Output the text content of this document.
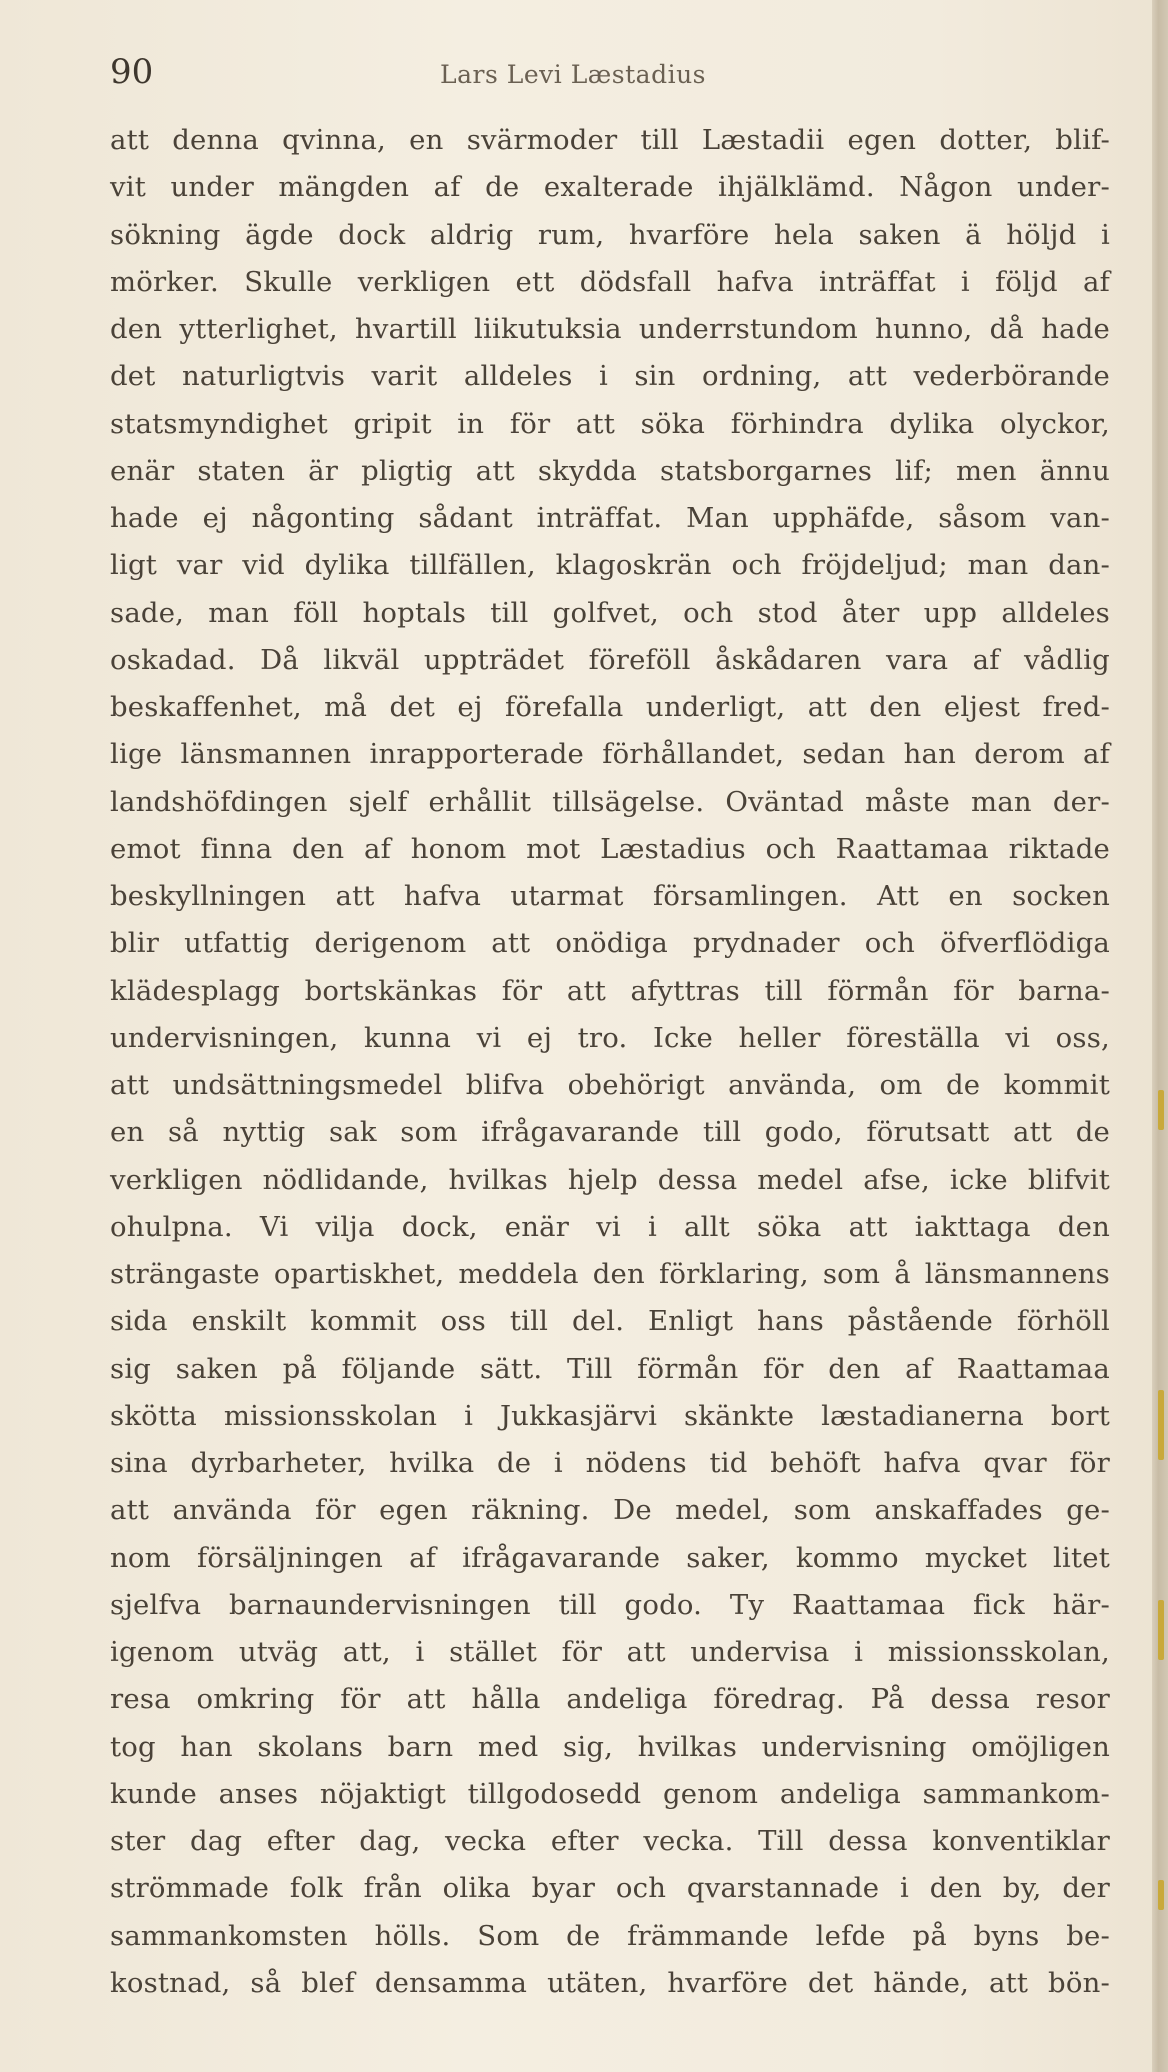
90	Lars Levi Læstadius
att denna qvinna, en svärmoder till Læstadii egen dotter, blif-
vit under mängden af de exalterade ihjälklämd. Någon under-
sökning ägde dock aldrig rum, hvarföre hela saken ä höljd i
mörker. Skulle verkligen ett dödsfall hafva inträffat i följd af
den ytterlighet, hvartill liikutuksia underrstundom hunno, då hade
det naturligtvis varit alldeles i sin ordning, att vederbörande
statsmyndighet gripit in för att söka förhindra dylika olyckor,
enär staten är pligtig att skydda statsborgarnes lif; men ännu
hade ej någonting sådant inträffat. Man upphäfde, såsom van-
ligt var vid dylika tillfällen, klagoskrän och fröjdeljud; man dan-
sade, man föll hoptals till golfvet, och stod åter upp alldeles
oskadad. Då likväl uppträdet föreföll åskådaren vara af vådlig
beskaffenhet, må det ej förefalla underligt, att den eljest fred-
lige länsmannen inrapporterade förhållandet, sedan han derom af
landshöfdingen sjelf erhållit tillsägelse. Oväntad måste man der-
emot finna den af honom mot Læstadius och Raattamaa riktade
beskyllningen att hafva utarmat församlingen. Att en socken
blir utfattig derigenom att onödiga prydnader och öfverflödiga
klädesplagg bortskänkas för att afyttras till förmån för barna-
undervisningen, kunna vi ej tro. Icke heller föreställa vi oss,
att undsättningsmedel blifva obehörigt använda, om de kommit
en så nyttig sak som ifrågavarande till godo, förutsatt att de
verkligen nödlidande, hvilkas hjelp dessa medel afse, icke blifvit
ohulpna. Vi vilja dock, enär vi i allt söka att iakttaga den
strängaste opartiskhet, meddela den förklaring, som å länsmannens
sida enskilt kommit oss till del. Enligt hans påstående förhöll
sig saken på följande sätt. Till förmån för den af Raattamaa
skötta missionsskolan i Jukkasjärvi skänkte læstadianerna bort
sina dyrbarheter, hvilka de i nödens tid behöft hafva qvar för
att använda för egen räkning. De medel, som anskaffades ge-
nom försäljningen af ifrågavarande saker, kommo mycket litet
sjelfva barnaundervisningen till godo. Ty Raattamaa fick här-
igenom utväg att, i stället för att undervisa i missionsskolan,
resa omkring för att hålla andeliga föredrag. På dessa resor
tog han skolans barn med sig, hvilkas undervisning omöjligen
kunde anses nöjaktigt tillgodosedd genom andeliga sammankom-
ster dag efter dag, vecka efter vecka. Till dessa konventiklar
strömmade folk från olika byar och qvarstannade i den by, der
sammankomsten hölls. Som de främmande lefde på byns be-
kostnad, så blef densamma utäten, hvarföre det hände, att bön-
